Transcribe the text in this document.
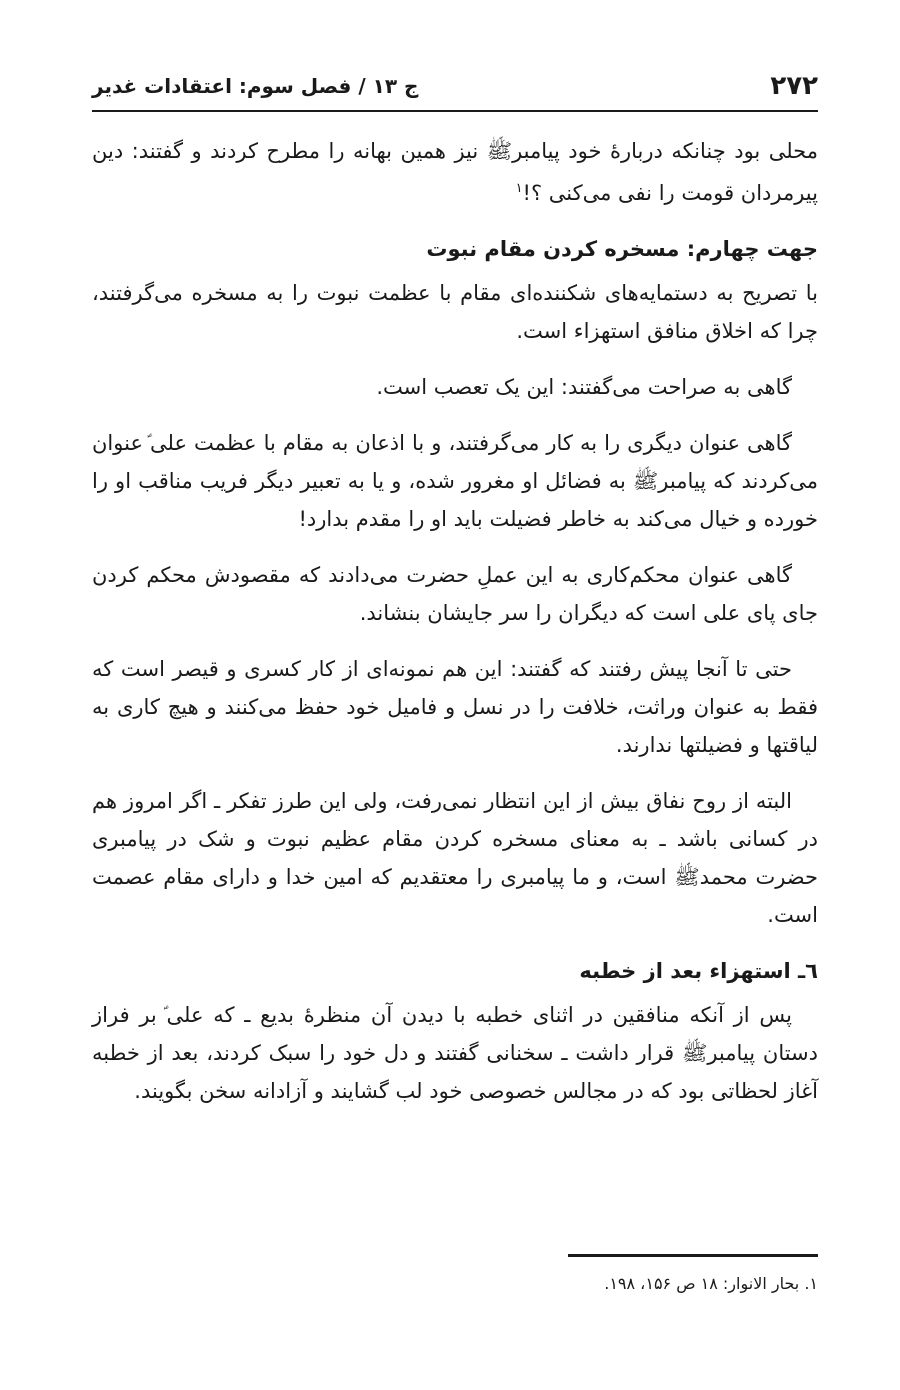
۲۷۲
ج ۱۳ / فصل سوم: اعتقادات غدیر

محلی بود چنانکه دربارهٔ خود پیامبرﷺ نیز همین بهانه را مطرح کردند و گفتند: دین پیرمردان قومت را نفی می‌کنی ؟!$^۱$

جهت چهارم: مسخره کردن مقام نبوت

با تصریح به دستمایه‌های شکننده‌ای مقام با عظمت نبوت را به مسخره می‌گرفتند، چرا که اخلاق منافق استهزاء است.

گاهی به صراحت می‌گفتند: این یک تعصب است.

گاهی عنوان دیگری را به کار می‌گرفتند، و با اذعان به مقام با عظمت علی‌ؑ عنوان می‌کردند که پیامبرﷺ به فضائل او مغرور شده، و یا به تعبیر دیگر فریب مناقب او را خورده و خیال می‌کند به خاطر فضیلت باید او را مقدم بدارد!

گاهی عنوان محکم‌کاری به این عملِ حضرت می‌دادند که مقصودش محکم کردن جای پای علی است که دیگران را سر جایشان بنشاند.

حتی تا آنجا پیش رفتند که گفتند: این هم نمونه‌ای از کار کسری و قیصر است که فقط به عنوان وراثت، خلافت را در نسل و فامیل خود حفظ می‌کنند و هیچ کاری به لیاقتها و فضیلتها ندارند.

البته از روح نفاق بیش از این انتظار نمی‌رفت، ولی این طرز تفکر ـ اگر امروز هم در کسانی باشد ـ به معنای مسخره کردن مقام عظیم نبوت و شک در پیامبری حضرت محمدﷺ است، و ما پیامبری را معتقدیم که امین خدا و دارای مقام عصمت است.

٦ـ استهزاء بعد از خطبه

پس از آنکه منافقین در اثنای خطبه با دیدن آن منظرهٔ بدیع ـ که علی‌ؑ بر فراز دستان پیامبرﷺ قرار داشت ـ سخنانی گفتند و دل خود را سبک کردند، بعد از خطبه آغاز لحظاتی بود که در مجالس خصوصی خود لب گشایند و آزادانه سخن بگویند.

۱. بحار الانوار: ۱۸ ص ۱۵۶، ۱۹۸.
